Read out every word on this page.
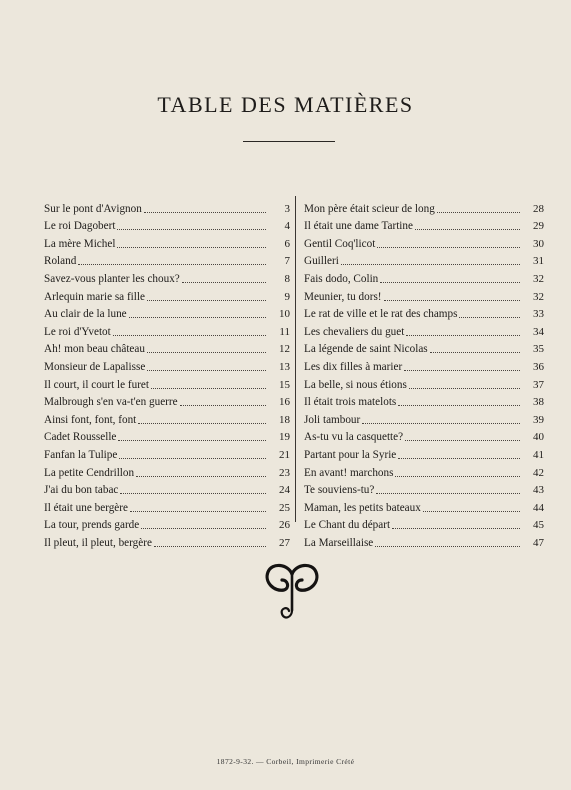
TABLE DES MATIÈRES
Sur le pont d'Avignon	3
Le roi Dagobert	4
La mère Michel	6
Roland	7
Savez-vous planter les choux?	8
Arlequin marie sa fille	9
Au clair de la lune	10
Le roi d'Yvetot	11
Ah! mon beau château	12
Monsieur de Lapalisse	13
Il court, il court le furet	15
Malbrough s'en va-t'en guerre	16
Ainsi font, font, font	18
Cadet Rousselle	19
Fanfan la Tulipe	21
La petite Cendrillon	23
J'ai du bon tabac	24
Il était une bergère	25
La tour, prends garde	26
Il pleut, il pleut, bergère	27
Mon père était scieur de long	28
Il était une dame Tartine	29
Gentil Coq'licot	30
Guilleri	31
Fais dodo, Colin	32
Meunier, tu dors!	32
Le rat de ville et le rat des champs	33
Les chevaliers du guet	34
La légende de saint Nicolas	35
Les dix filles à marier	36
La belle, si nous étions	37
Il était trois matelots	38
Joli tambour	39
As-tu vu la casquette?	40
Partant pour la Syrie	41
En avant! marchons	42
Te souviens-tu?	43
Maman, les petits bateaux	44
Le Chant du départ	45
La Marseillaise	47
1872-9-32. — Corbeil, Imprimerie Crété
